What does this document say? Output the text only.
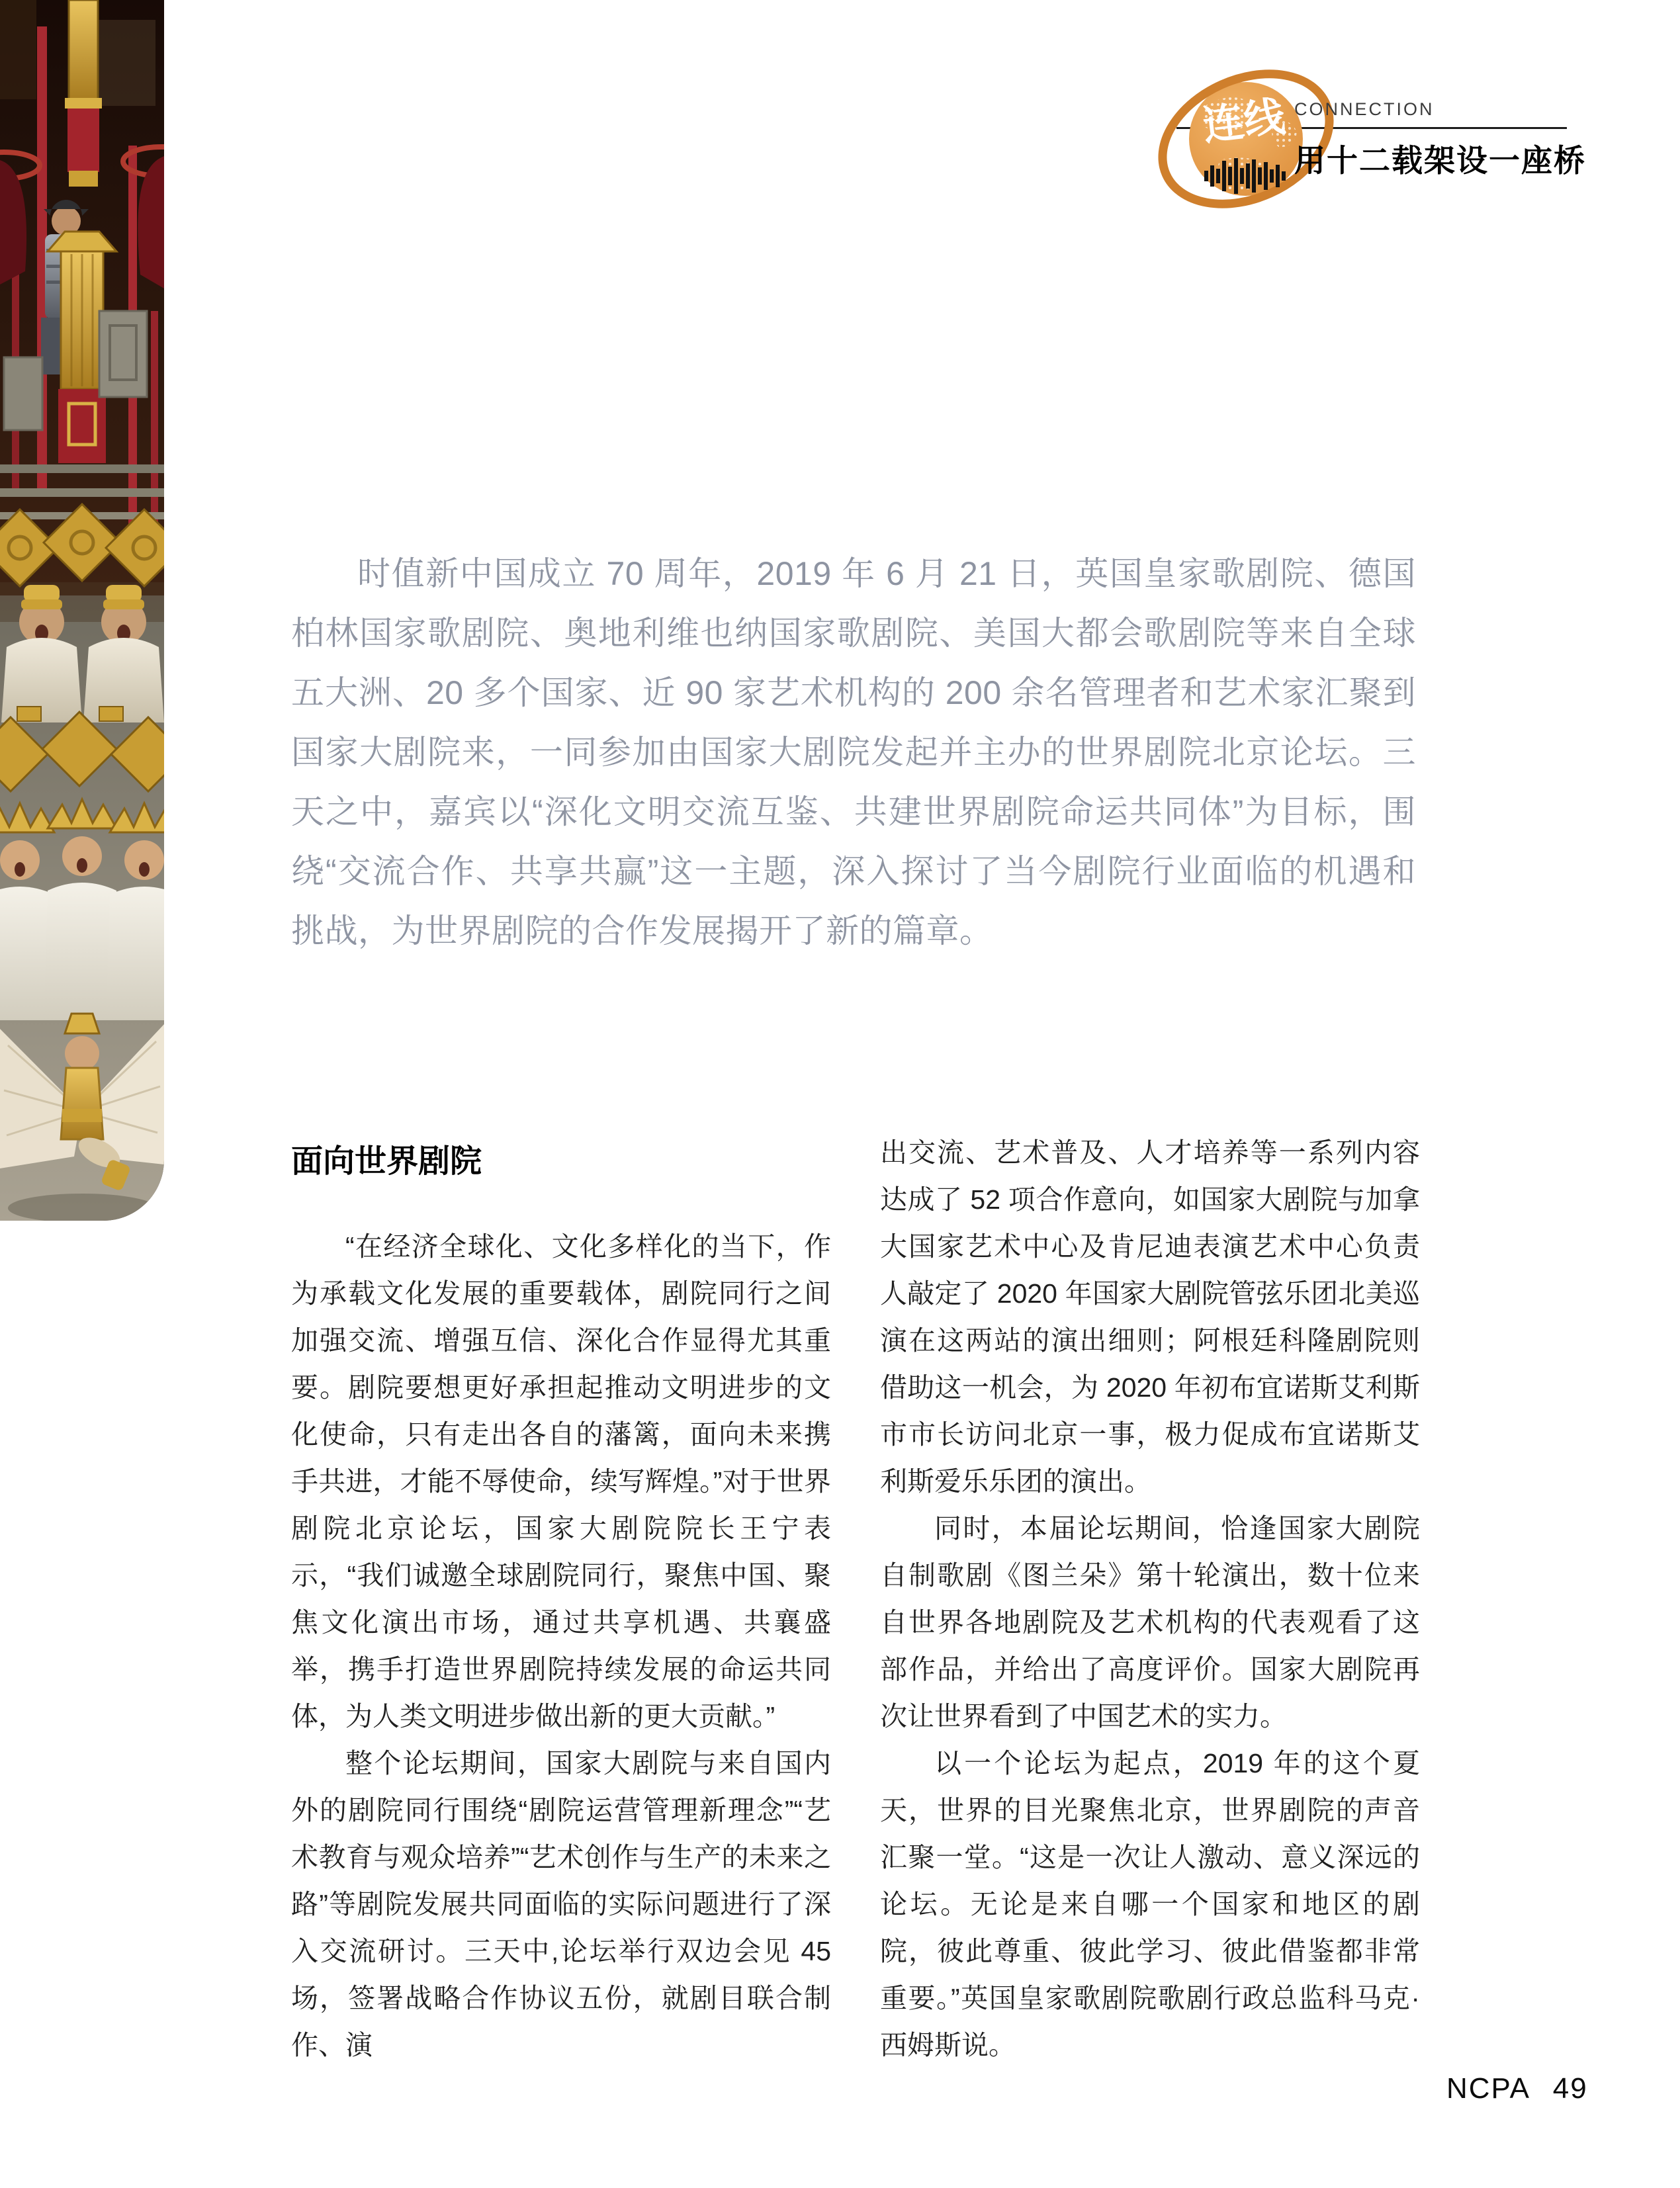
连线 CONNECTION
用十二载架设一座桥
时值新中国成立 70 周年，2019 年 6 月 21 日，英国皇家歌剧院、德国柏林国家歌剧院、奥地利维也纳国家歌剧院、美国大都会歌剧院等来自全球五大洲、20 多个国家、近 90 家艺术机构的 200 余名管理者和艺术家汇聚到国家大剧院来，一同参加由国家大剧院发起并主办的世界剧院北京论坛。三天之中，嘉宾以“深化文明交流互鉴、共建世界剧院命运共同体”为目标，围绕“交流合作、共享共赢”这一主题，深入探讨了当今剧院行业面临的机遇和挑战，为世界剧院的合作发展揭开了新的篇章。
面向世界剧院

“在经济全球化、文化多样化的当下，作为承载文化发展的重要载体，剧院同行之间加强交流、增强互信、深化合作显得尤其重要。剧院要想更好承担起推动文明进步的文化使命，只有走出各自的藩篱，面向未来携手共进，才能不辱使命，续写辉煌。”对于世界剧院北京论坛，国家大剧院院长王宁表示，“我们诚邀全球剧院同行，聚焦中国、聚焦文化演出市场，通过共享机遇、共襄盛举，携手打造世界剧院持续发展的命运共同体，为人类文明进步做出新的更大贡献。”

整个论坛期间，国家大剧院与来自国内外的剧院同行围绕“剧院运营管理新理念”“艺术教育与观众培养”“艺术创作与生产的未来之路”等剧院发展共同面临的实际问题进行了深入交流研讨。三天中,论坛举行双边会见 45 场，签署战略合作协议五份，就剧目联合制作、演

出交流、艺术普及、人才培养等一系列内容达成了 52 项合作意向，如国家大剧院与加拿大国家艺术中心及肯尼迪表演艺术中心负责人敲定了 2020 年国家大剧院管弦乐团北美巡演在这两站的演出细则；阿根廷科隆剧院则借助这一机会，为 2020 年初布宜诺斯艾利斯市市长访问北京一事，极力促成布宜诺斯艾利斯爱乐乐团的演出。

同时，本届论坛期间，恰逢国家大剧院自制歌剧《图兰朵》第十轮演出，数十位来自世界各地剧院及艺术机构的代表观看了这部作品，并给出了高度评价。国家大剧院再次让世界看到了中国艺术的实力。

以一个论坛为起点，2019 年的这个夏天，世界的目光聚焦北京，世界剧院的声音汇聚一堂。“这是一次让人激动、意义深远的论坛。无论是来自哪一个国家和地区的剧院，彼此尊重、彼此学习、彼此借鉴都非常重要。”英国皇家歌剧院歌剧行政总监科马克·西姆斯说。

NCPA 49
